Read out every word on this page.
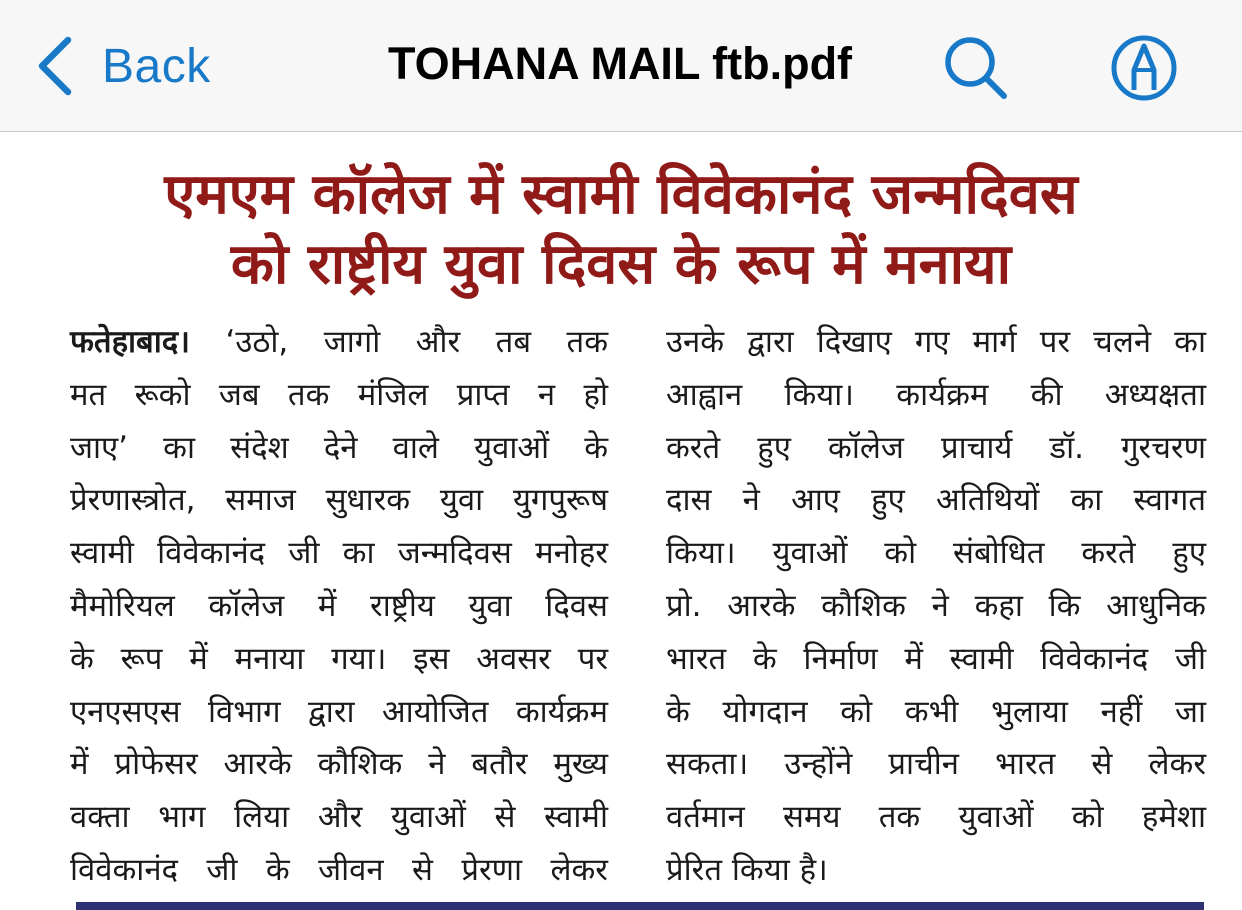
Back	TOHANA MAIL ftb.pdf
एमएम कॉलेज में स्वामी विवेकानंद जन्मदिवस
को राष्ट्रीय युवा दिवस के रूप में मनाया
फतेहाबाद। ‘उठो, जागो और तब तक
मत रूको जब तक मंजिल प्राप्त न हो
जाए’ का संदेश देने वाले युवाओं के
प्रेरणास्त्रोत, समाज सुधारक युवा युगपुरूष
स्वामी विवेकानंद जी का जन्मदिवस मनोहर
मैमोरियल कॉलेज में राष्ट्रीय युवा दिवस
के रूप में मनाया गया। इस अवसर पर
एनएसएस विभाग द्वारा आयोजित कार्यक्रम
में प्रोफेसर आरके कौशिक ने बतौर मुख्य
वक्ता भाग लिया और युवाओं से स्वामी
विवेकानंद जी के जीवन से प्रेरणा लेकर
उनके द्वारा दिखाए गए मार्ग पर चलने का
आह्वान किया। कार्यक्रम की अध्यक्षता
करते हुए कॉलेज प्राचार्य डॉ. गुरचरण
दास ने आए हुए अतिथियों का स्वागत
किया। युवाओं को संबोधित करते हुए
प्रो. आरके कौशिक ने कहा कि आधुनिक
भारत के निर्माण में स्वामी विवेकानंद जी
के योगदान को कभी भुलाया नहीं जा
सकता। उन्होंने प्राचीन भारत से लेकर
वर्तमान समय तक युवाओं को हमेशा
प्रेरित किया है।
